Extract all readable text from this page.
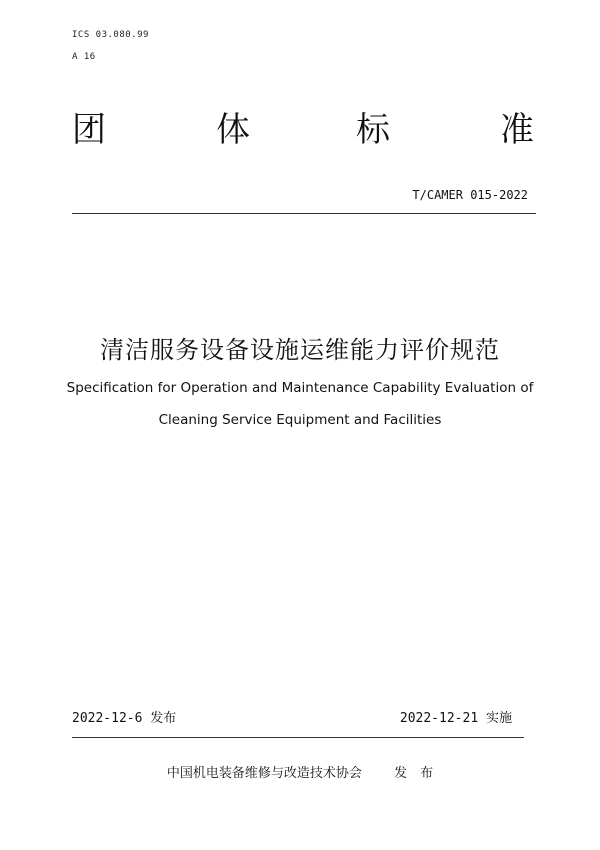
ICS 03.080.99
A 16
团	体	标	准
T/CAMER 015-2022
清洁服务设备设施运维能力评价规范
Specification for Operation and Maintenance Capability Evaluation of
Cleaning Service Equipment and Facilities
2022-12-6 发布	2022-12-21 实施
中国机电装备维修与改造技术协会 发　布
